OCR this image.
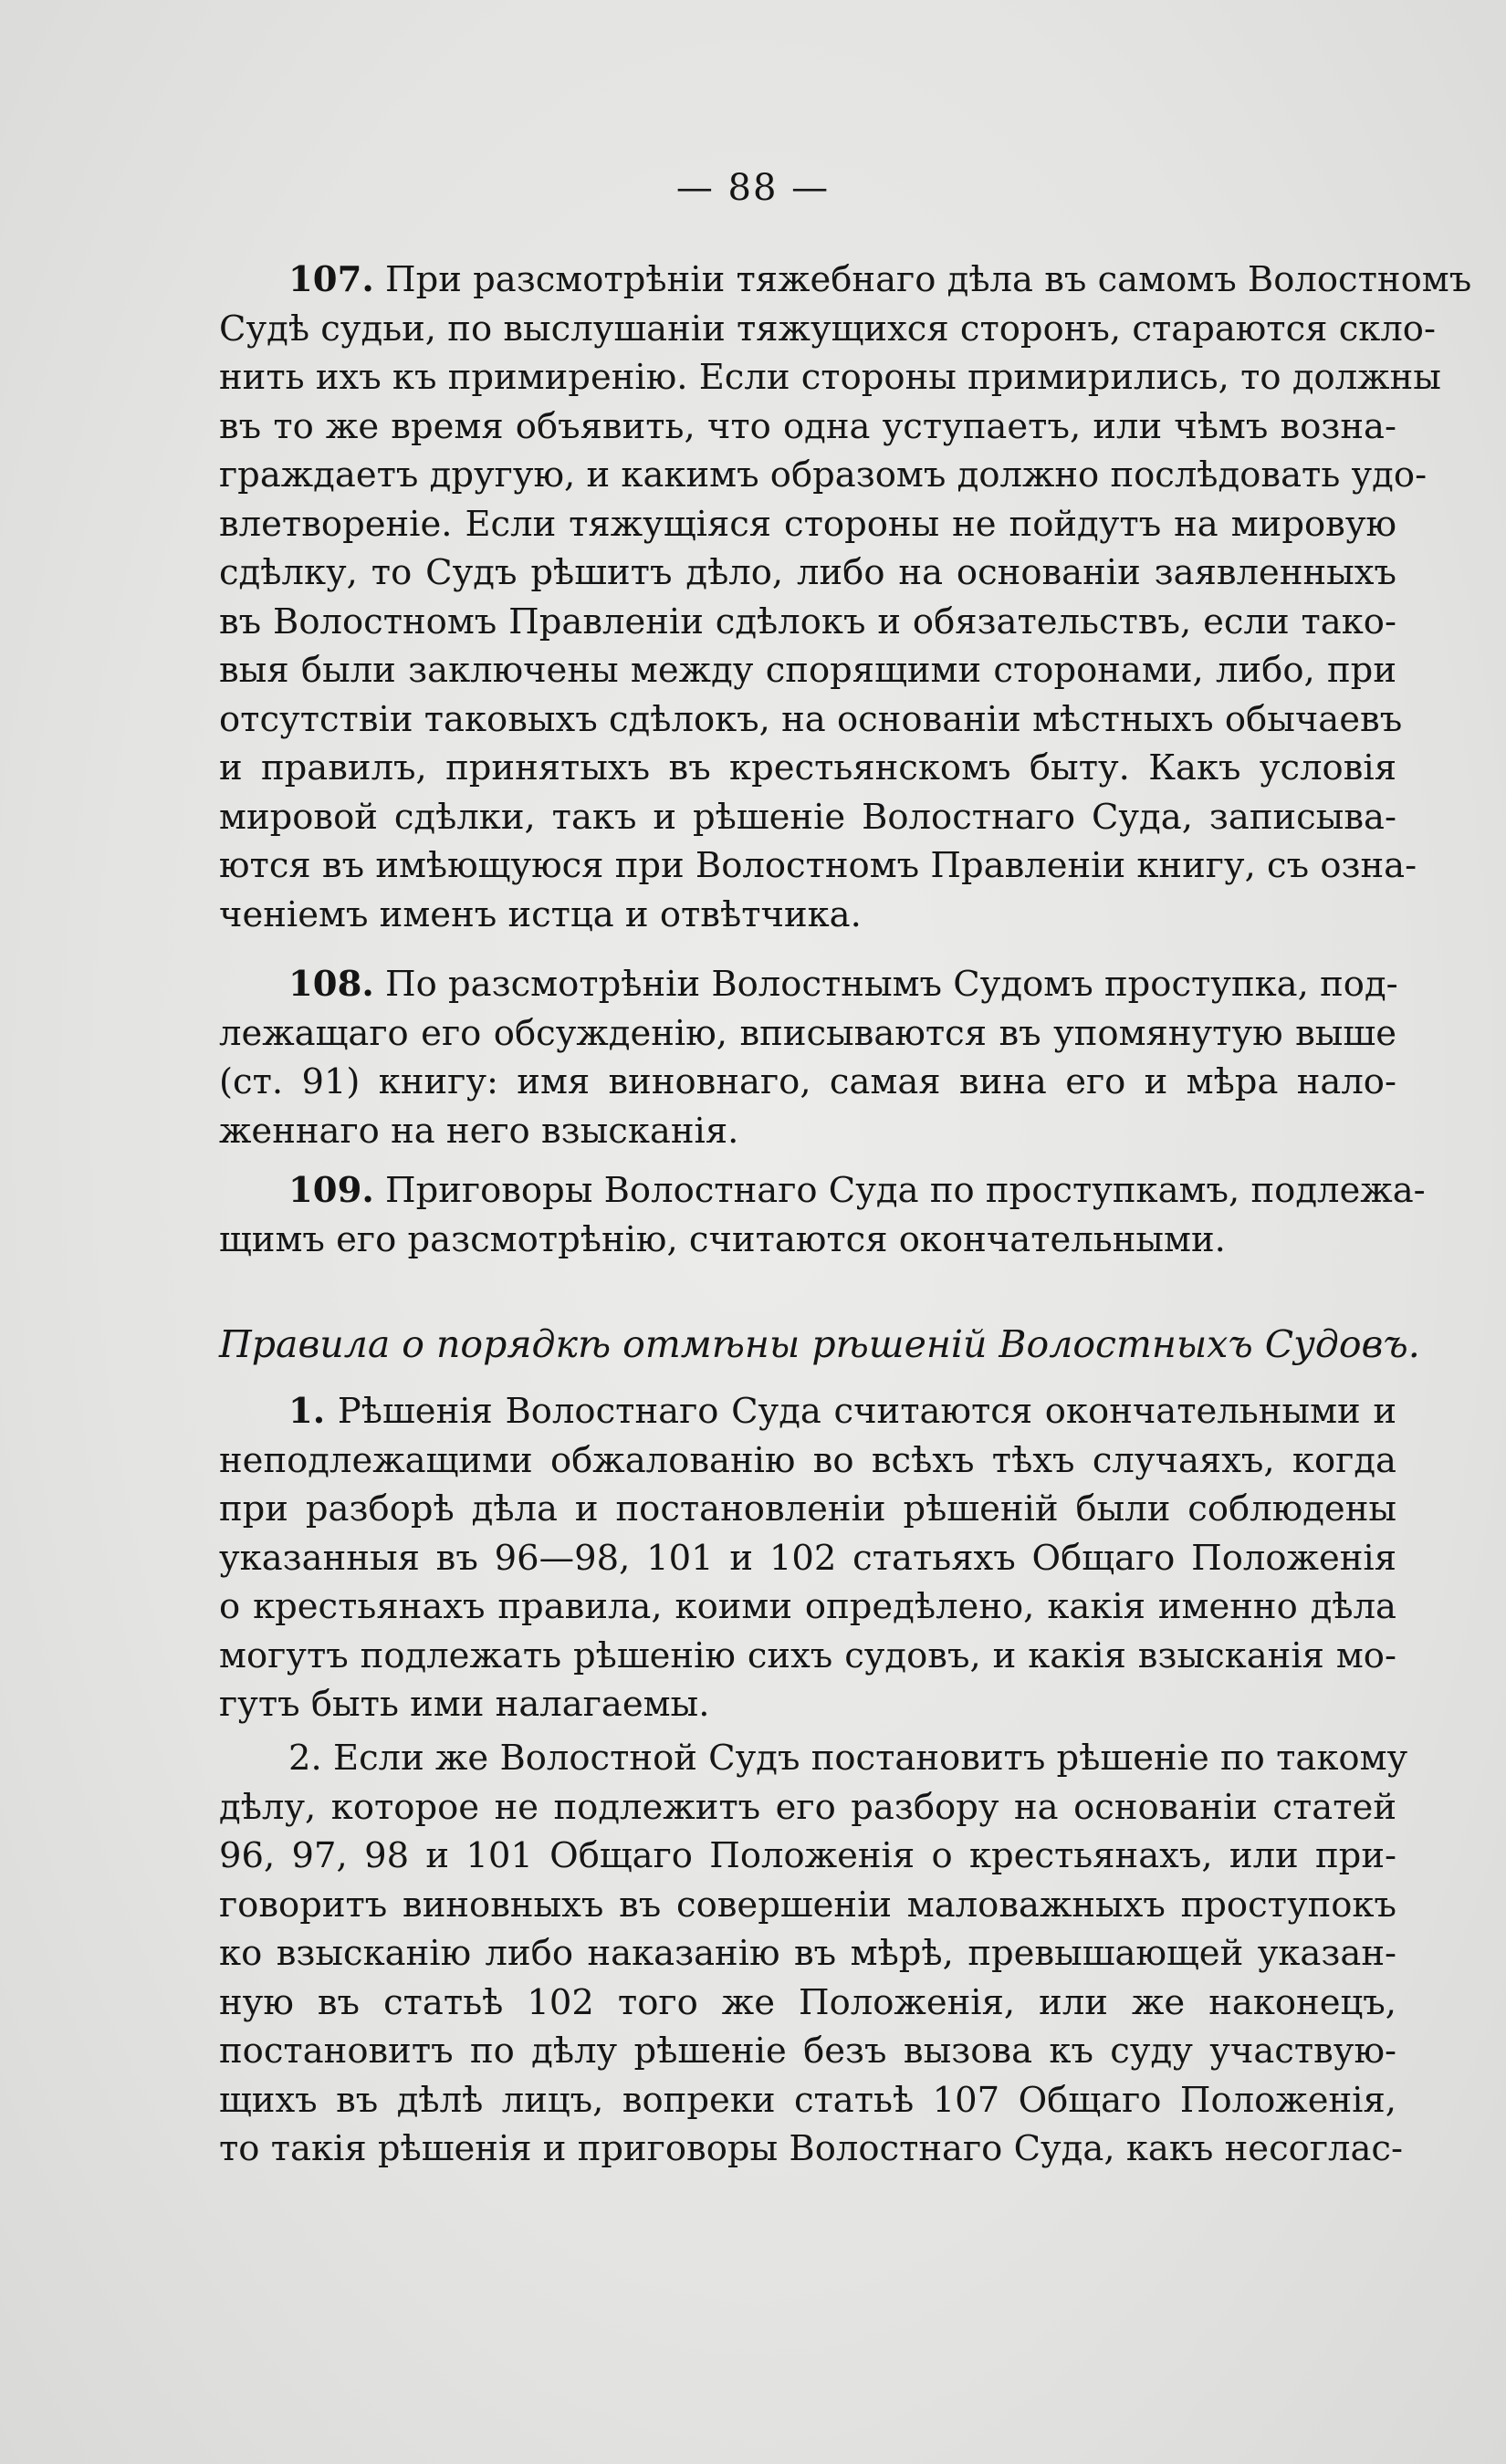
— 88 —
107. При разсмотрѣніи тяжебнаго дѣла въ самомъ Волостномъ
Судѣ судьи, по выслушаніи тяжущихся сторонъ, стараются скло-
нить ихъ къ примиренію. Если стороны примирились, то должны
въ то же время объявить, что одна уступаетъ, или чѣмъ возна-
граждаетъ другую, и какимъ образомъ должно послѣдовать удо-
влетвореніе. Если тяжущіяся стороны не пойдутъ на мировую
сдѣлку, то Судъ рѣшитъ дѣло, либо на основаніи заявленныхъ
въ Волостномъ Правленіи сдѣлокъ и обязательствъ, если тако-
выя были заключены между спорящими сторонами, либо, при
отсутствіи таковыхъ сдѣлокъ, на основаніи мѣстныхъ обычаевъ
и правилъ, принятыхъ въ крестьянскомъ быту. Какъ условія
мировой сдѣлки, такъ и рѣшеніе Волостнаго Суда, записыва-
ются въ имѣющуюся при Волостномъ Правленіи книгу, съ озна-
ченіемъ именъ истца и отвѣтчика.
108. По разсмотрѣніи Волостнымъ Судомъ проступка, под-
лежащаго его обсужденію, вписываются въ упомянутую выше
(ст. 91) книгу: имя виновнаго, самая вина его и мѣра нало-
женнаго на него взысканія.
109. Приговоры Волостнаго Суда по проступкамъ, подлежа-
щимъ его разсмотрѣнію, считаются окончательными.
Правила о порядкѣ отмѣны рѣшеній Волостныхъ Судовъ.
1. Рѣшенія Волостнаго Суда считаются окончательными и
неподлежащими обжалованію во всѣхъ тѣхъ случаяхъ, когда
при разборѣ дѣла и постановленіи рѣшеній были соблюдены
указанныя въ 96—98, 101 и 102 статьяхъ Общаго Положенія
о крестьянахъ правила, коими опредѣлено, какія именно дѣла
могутъ подлежать рѣшенію сихъ судовъ, и какія взысканія мо-
гутъ быть ими налагаемы.
2. Если же Волостной Судъ постановитъ рѣшеніе по такому
дѣлу, которое не подлежитъ его разбору на основаніи статей
96, 97, 98 и 101 Общаго Положенія о крестьянахъ, или при-
говоритъ виновныхъ въ совершеніи маловажныхъ проступокъ
ко взысканію либо наказанію въ мѣрѣ, превышающей указан-
ную въ статьѣ 102 того же Положенія, или же наконецъ,
постановитъ по дѣлу рѣшеніе безъ вызова къ суду участвую-
щихъ въ дѣлѣ лицъ, вопреки статьѣ 107 Общаго Положенія,
то такія рѣшенія и приговоры Волостнаго Суда, какъ несоглас-
